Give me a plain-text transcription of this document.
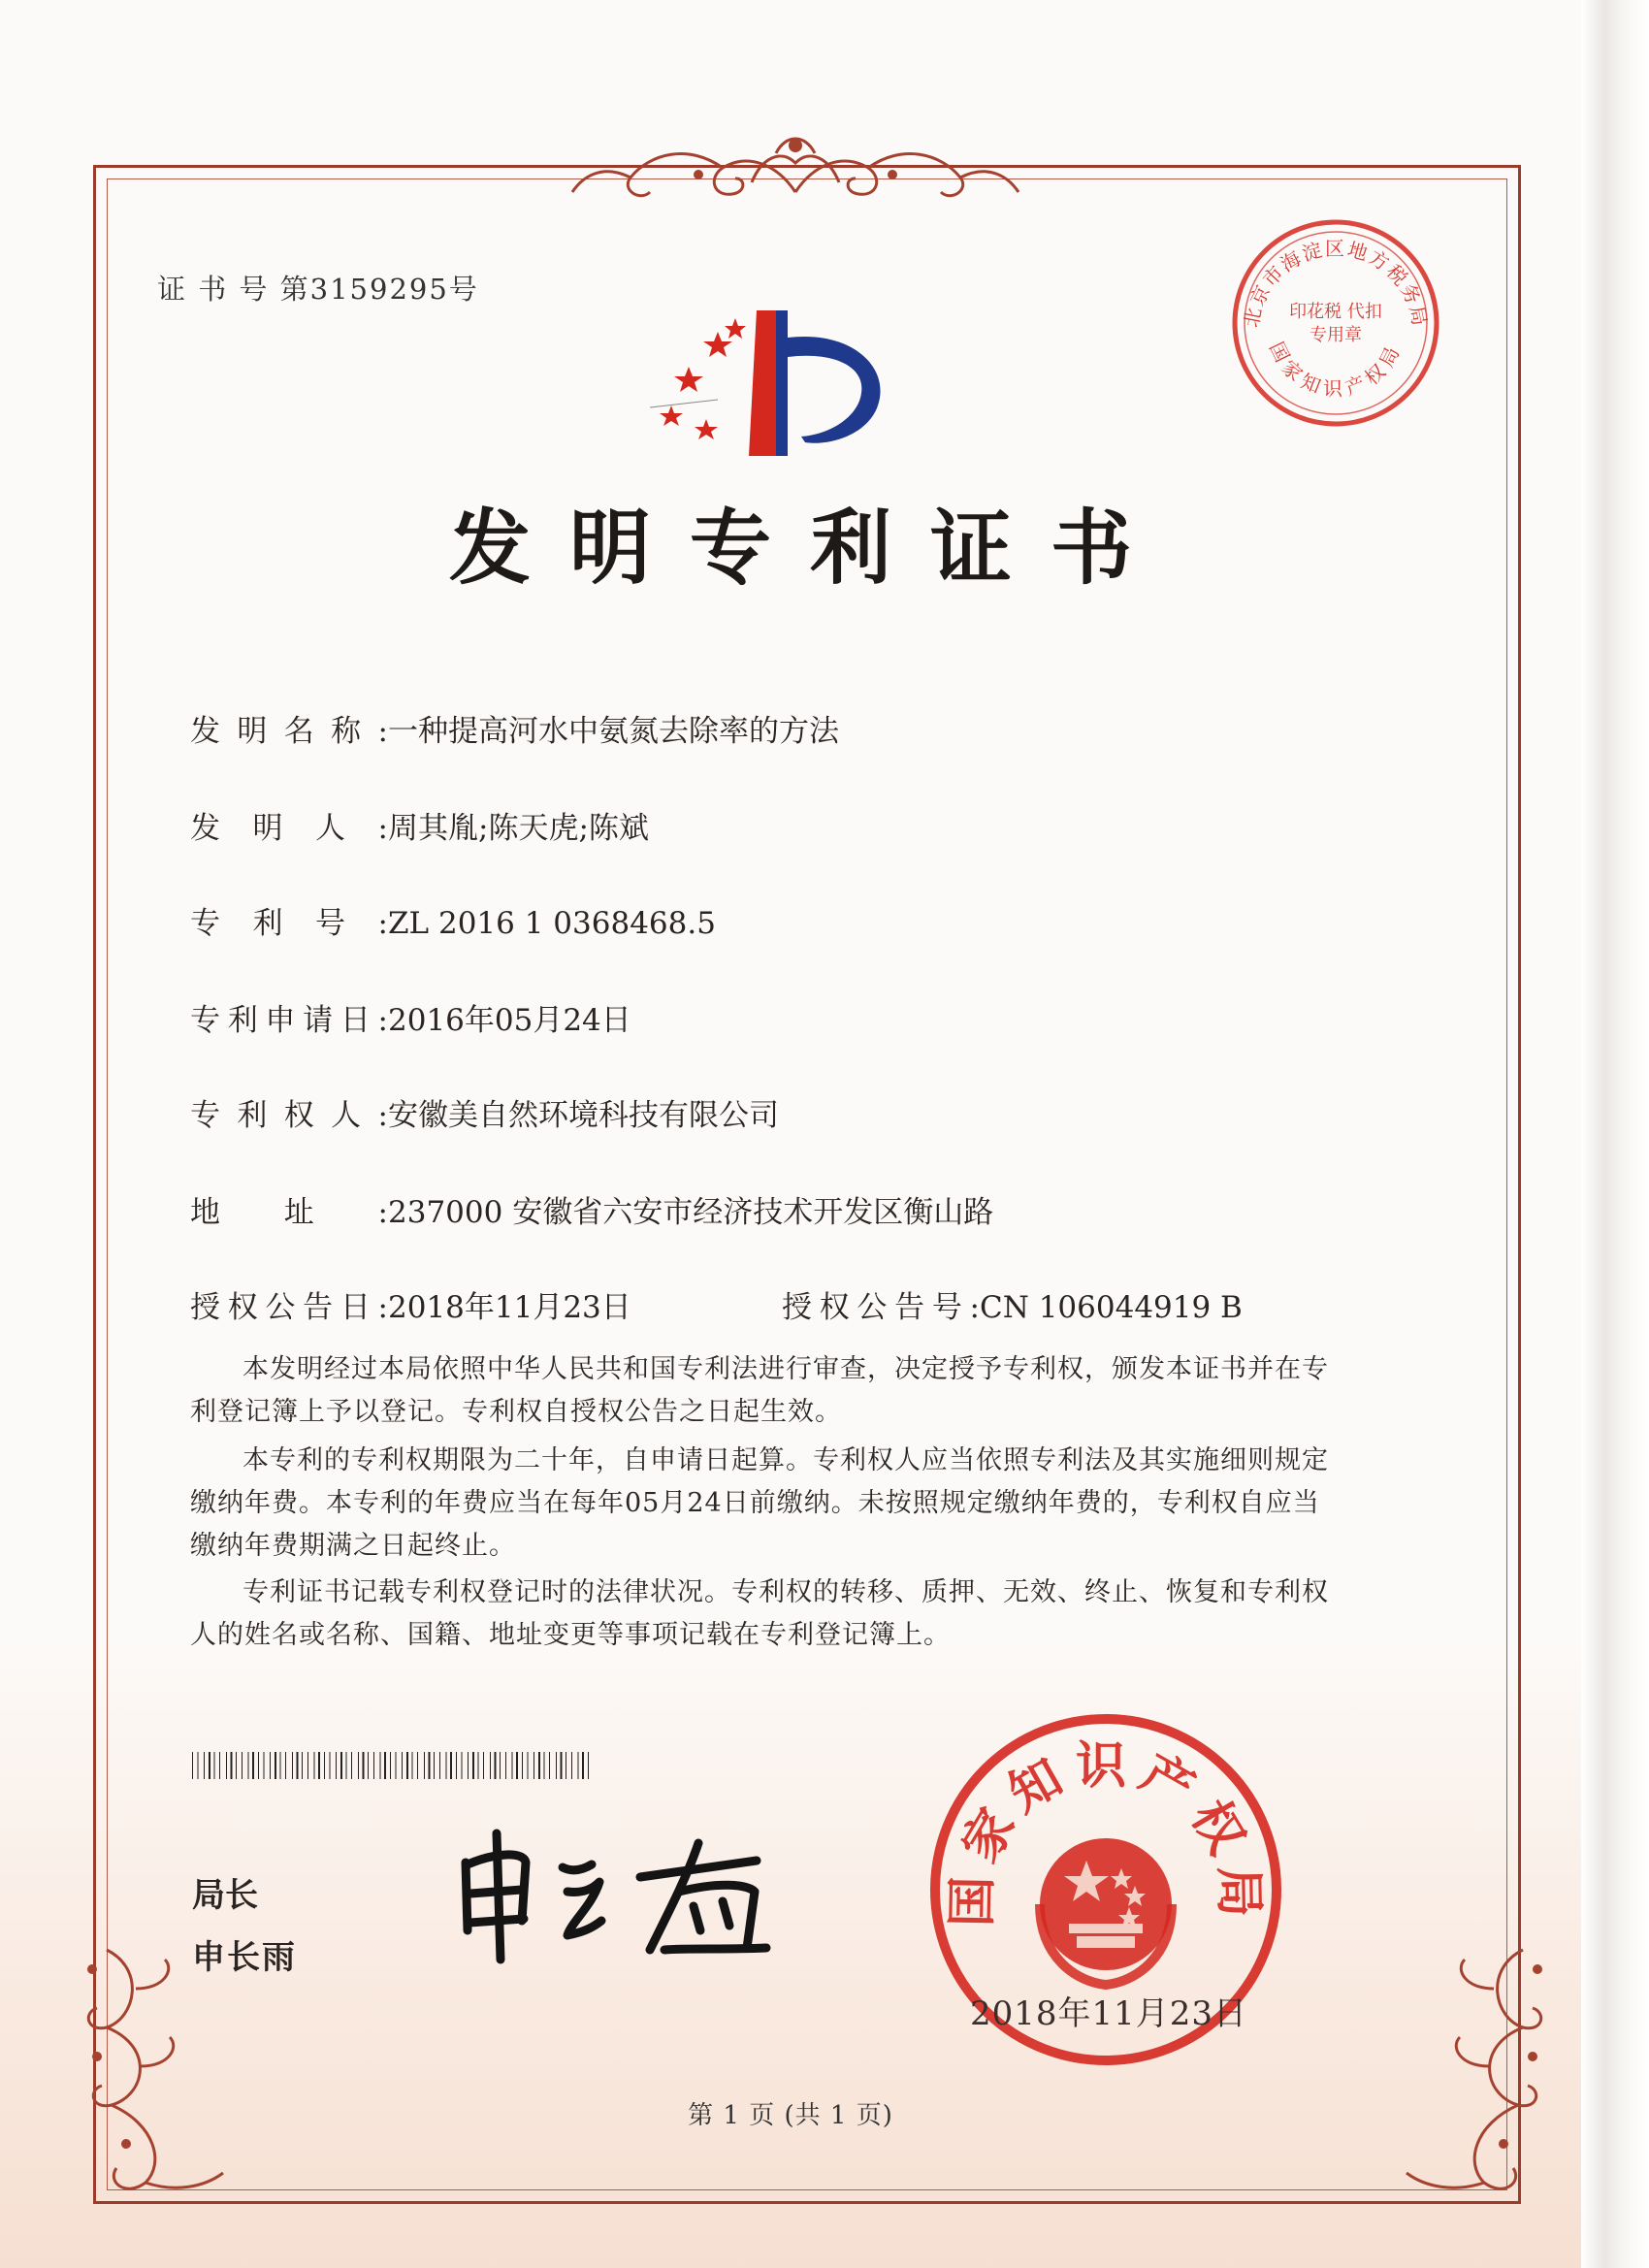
证 书 号 第3159295号
发明专利证书
发明名称:一种提高河水中氨氮去除率的方法
发明人:周其胤;陈天虎;陈斌
专利号:ZL 2016 1 0368468.5
专利申请日:2016年05月24日
专利权人:安徽美自然环境科技有限公司
地址:237000 安徽省六安市经济技术开发区衡山路
授权公告日:2018年11月23日	授权公告号:CN 106044919 B
本发明经过本局依照中华人民共和国专利法进行审查，决定授予专利权，颁发本证书并在专利登记簿上予以登记。专利权自授权公告之日起生效。
本专利的专利权期限为二十年，自申请日起算。专利权人应当依照专利法及其实施细则规定缴纳年费。本专利的年费应当在每年05月24日前缴纳。未按照规定缴纳年费的，专利权自应当缴纳年费期满之日起终止。
专利证书记载专利权登记时的法律状况。专利权的转移、质押、无效、终止、恢复和专利权人的姓名或名称、国籍、地址变更等事项记载在专利登记簿上。
局长
申长雨
国家知识产权局
2018年11月23日
北京市海淀区地方税务局
国家知识产权局
印花税 代扣专用章
第 1 页 (共 1 页)
